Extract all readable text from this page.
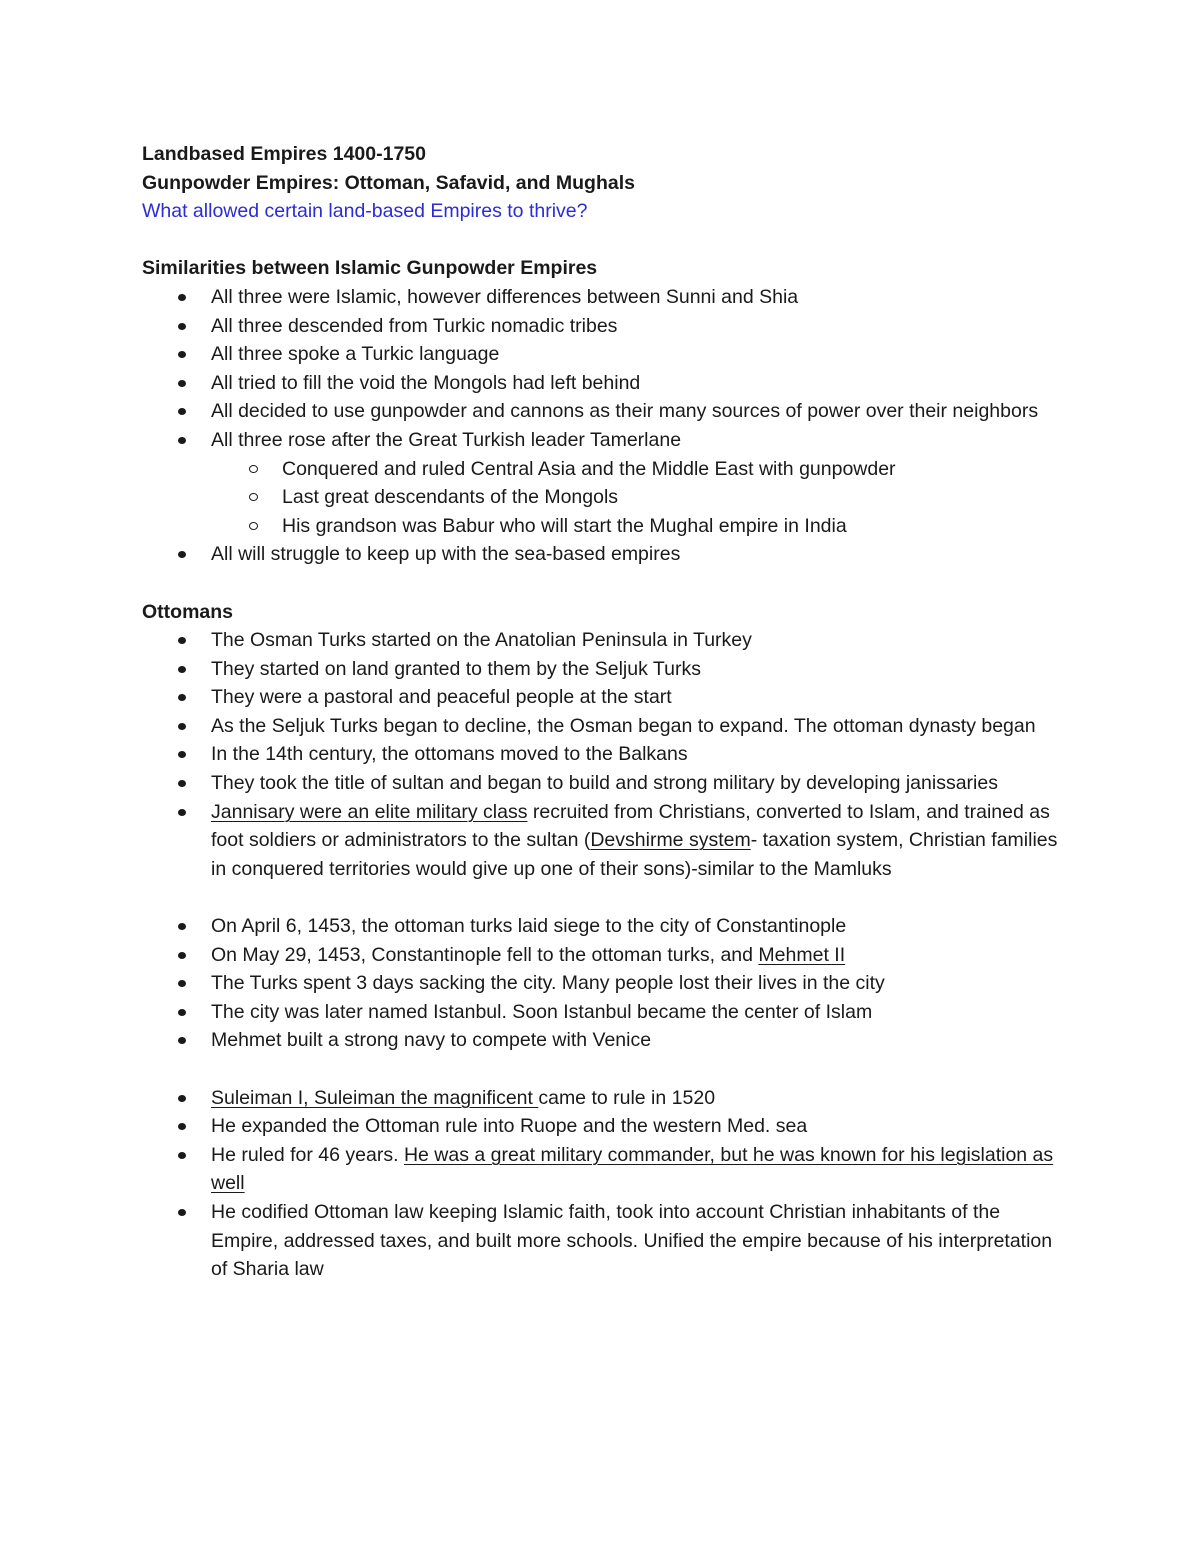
Landbased Empires 1400-1750

Gunpowder Empires: Ottoman, Safavid, and Mughals

What allowed certain land-based Empires to thrive?

Similarities between Islamic Gunpowder Empires

All three were Islamic, however differences between Sunni and Shia
All three descended from Turkic nomadic tribes
All three spoke a Turkic language
All tried to fill the void the Mongols had left behind
All decided to use gunpowder and cannons as their many sources of power over their neighbors
All three rose after the Great Turkish leader Tamerlane
Conquered and ruled Central Asia and the Middle East with gunpowder
Last great descendants of the Mongols
His grandson was Babur who will start the Mughal empire in India
All will struggle to keep up with the sea-based empires

Ottomans

The Osman Turks started on the Anatolian Peninsula in Turkey
They started on land granted to them by the Seljuk Turks
They were a pastoral and peaceful people at the start
As the Seljuk Turks began to decline, the Osman began to expand. The ottoman dynasty began
In the 14th century, the ottomans moved to the Balkans
They took the title of sultan and began to build and strong military by developing janissaries
Jannisary were an elite military class recruited from Christians, converted to Islam, and trained as foot soldiers or administrators to the sultan (Devshirme system- taxation system, Christian families in conquered territories would give up one of their sons)-similar to the Mamluks
On April 6, 1453, the ottoman turks laid siege to the city of Constantinople
On May 29, 1453, Constantinople fell to the ottoman turks, and Mehmet II
The Turks spent 3 days sacking the city. Many people lost their lives in the city
The city was later named Istanbul. Soon Istanbul became the center of Islam
Mehmet built a strong navy to compete with Venice
Suleiman I, Suleiman the magnificent came to rule in 1520
He expanded the Ottoman rule into Ruope and the western Med. sea
He ruled for 46 years. He was a great military commander, but he was known for his legislation as well
He codified Ottoman law keeping Islamic faith, took into account Christian inhabitants of the Empire, addressed taxes, and built more schools. Unified the empire because of his interpretation of Sharia law
